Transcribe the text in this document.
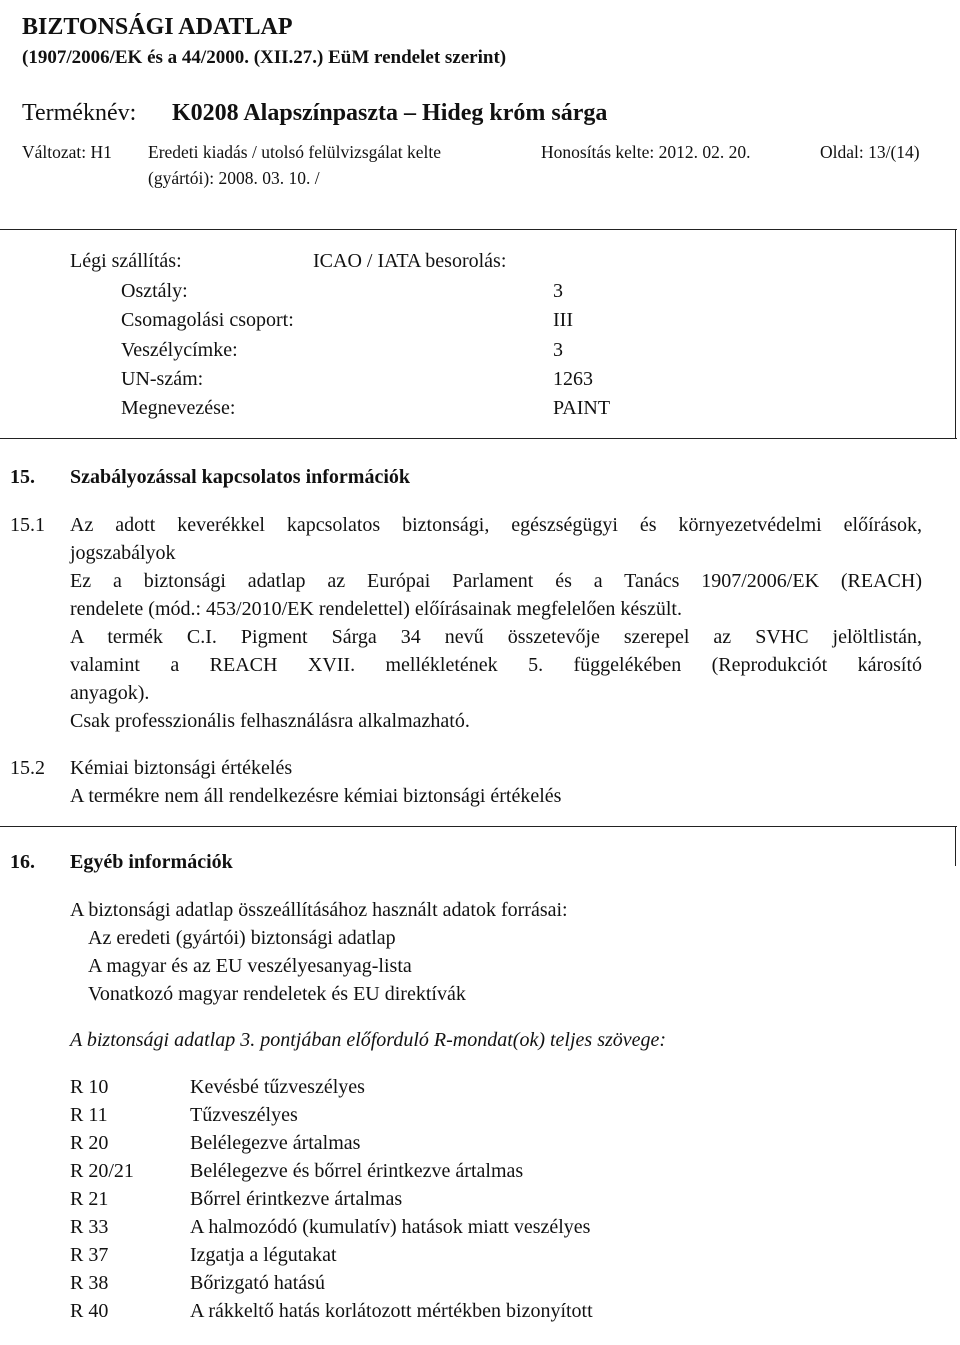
BIZTONSÁGI ADATLAP
(1907/2006/EK és a 44/2000. (XII.27.) EüM rendelet szerint)
Terméknév: K0208 Alapszínpaszta – Hideg króm sárga
Változat: H1 Eredeti kiadás / utolsó felülvizsgálat kelte
(gyártói): 2008. 03. 10. /
Honosítás kelte: 2012. 02. 20.	Oldal: 13/(14)
Légi szállítás:	ICAO / IATA besorolás:
Osztály:	3
Csomagolási csoport:	III
Veszélycímke:	3
UN-szám:	1263
Megnevezése:	PAINT
15. Szabályozással kapcsolatos információk
15.1 Az adott keverékkel kapcsolatos biztonsági, egészségügyi és környezetvédelmi előírások,
jogszabályok
Ez a biztonsági adatlap az Európai Parlament és a Tanács 1907/2006/EK (REACH)
rendelete (mód.: 453/2010/EK rendelettel) előírásainak megfelelően készült.
A termék C.I. Pigment Sárga 34 nevű összetevője szerepel az SVHC jelöltlistán,
valamint a REACH XVII. mellékletének 5. függelékében (Reprodukciót károsító
anyagok).
Csak professzionális felhasználásra alkalmazható.
15.2 Kémiai biztonsági értékelés
A termékre nem áll rendelkezésre kémiai biztonsági értékelés
16. Egyéb információk
A biztonsági adatlap összeállításához használt adatok forrásai:
Az eredeti (gyártói) biztonsági adatlap
A magyar és az EU veszélyesanyag-lista
Vonatkozó magyar rendeletek és EU direktívák
A biztonsági adatlap 3. pontjában előforduló R-mondat(ok) teljes szövege:
R 10	Kevésbé tűzveszélyes
R 11	Tűzveszélyes
R 20	Belélegezve ártalmas
R 20/21	Belélegezve és bőrrel érintkezve ártalmas
R 21	Bőrrel érintkezve ártalmas
R 33	A halmozódó (kumulatív) hatások miatt veszélyes
R 37	Izgatja a légutakat
R 38	Bőrizgató hatású
R 40	A rákkeltő hatás korlátozott mértékben bizonyított
